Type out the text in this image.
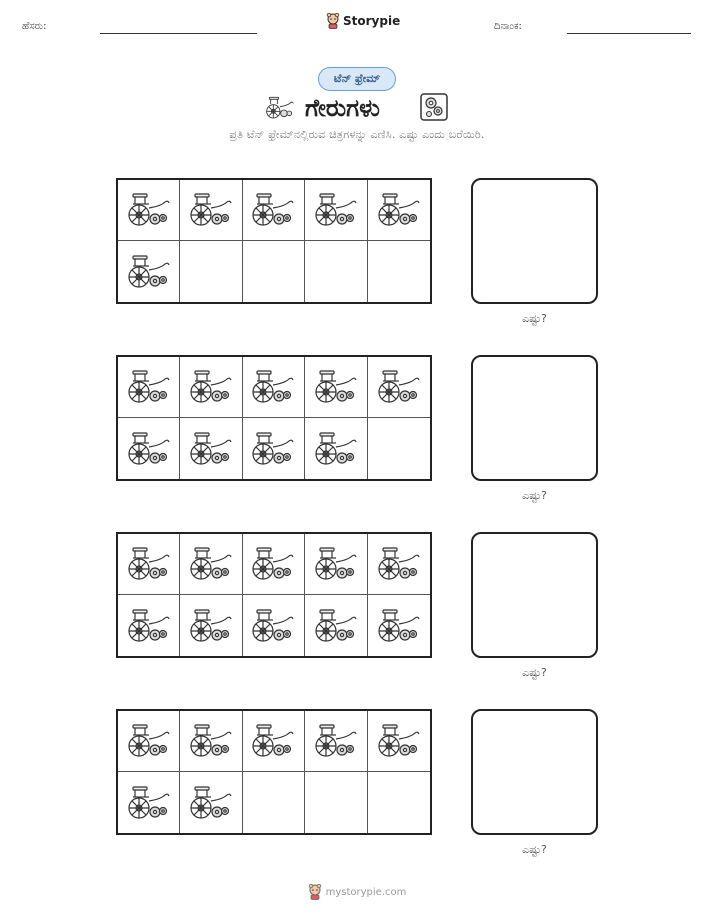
ಹೆಸರು:	Storypie	ದಿನಾಂಕ:
ಟೆನ್ ಫ್ರೇಮ್
ಗೇರುಗಳು
ಪ್ರತಿ ಟೆನ್ ಫ್ರೇಮ್‌ನಲ್ಲಿರುವ ಚಿತ್ರಗಳನ್ನು ಎಣಿಸಿ. ಎಷ್ಟು ಎಂದು ಬರೆಯಿರಿ.
ಎಷ್ಟು?
ಎಷ್ಟು?
ಎಷ್ಟು?
ಎಷ್ಟು?
mystorypie.com
